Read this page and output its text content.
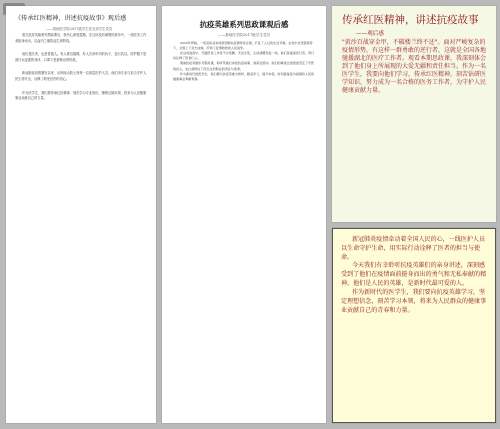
《传承红医精神，讲述抗疫故事》观后感
——基础医学院2017级学生党支部学生党员

看完抗疫英雄系列思政课后，我内心深受震撼。在这场没有硝烟的战争中，一线医务工作者挺身而出，以血肉之躯筑起生命防线。

他们是医者，也是普通人。有人推迟婚期，有人告别年幼的孩子，逆行武汉。防护服下是被汗水浸透的身体，口罩下是被勒出的伤痕。

新冠肺炎疫情暴发以来，从钟南山院士到每一位基层医护人员，他们用专业与担当守护人民生命安全，诠释了救死扶伤的初心。

作为医学生，我们要传承红医精神，刻苦学习专业知识，锤炼过硬本领，将来为人民健康事业贡献自己的力量。

抗疫英雄系列思政课观后感
——基础医学院2017级学生党员

2020年伊始，一场突如其来的新冠肺炎疫情席卷全国，打乱了人们的生活节奏。在党中央坚强领导下，全国上下众志成城，打响了疫情防控的人民战争。

在这场战役中，无数医务工作者不计报酬、无论生死，主动请缨奔赴一线。他们是最美逆行者，用行动诠释了医者仁心。

观看抗疫英雄系列思政课，聆听英雄们讲述抗疫故事，我深受感动。他们的事迹让我更加坚定了学医的初心，也让我明白了医生这份职业的责任与使命。

作为新时代的医学生，我们要以抗疫英雄为榜样，勤奋学习，提升本领，时刻准备着为祖国和人民的健康事业奉献青春。

传承红医精神，讲述抗疫故事
——观后感

"黄沙百战穿金甲，不破楼兰终不还"。面对严峻复杂的疫情形势，有这样一群勇敢的逆行者，这就是全国各地驰援湖北的医疗工作者。观看本期思政课，我深刻体会到了他们身上所展现的大爱无疆和责任担当。作为一名医学生，我要向他们学习，传承红医精神，刻苦钻研医学知识，努力成为一名合格的医务工作者，为守护人民健康贡献力量。

新冠肺炎疫情牵动着全国人民的心，一线医护人员以生命守护生命，用实际行动诠释了医者的担当与使命。

今天我们有幸聆听抗疫英雄们的亲身讲述，深刻感受到了他们在疫情面前挺身而出的勇气和无私奉献的精神。他们是人民的英雄，是新时代最可爱的人。

作为新时代的医学生，我们要向抗疫英雄学习，坚定理想信念，刻苦学习本领，将来为人民群众的健康事业贡献自己的青春和力量。
